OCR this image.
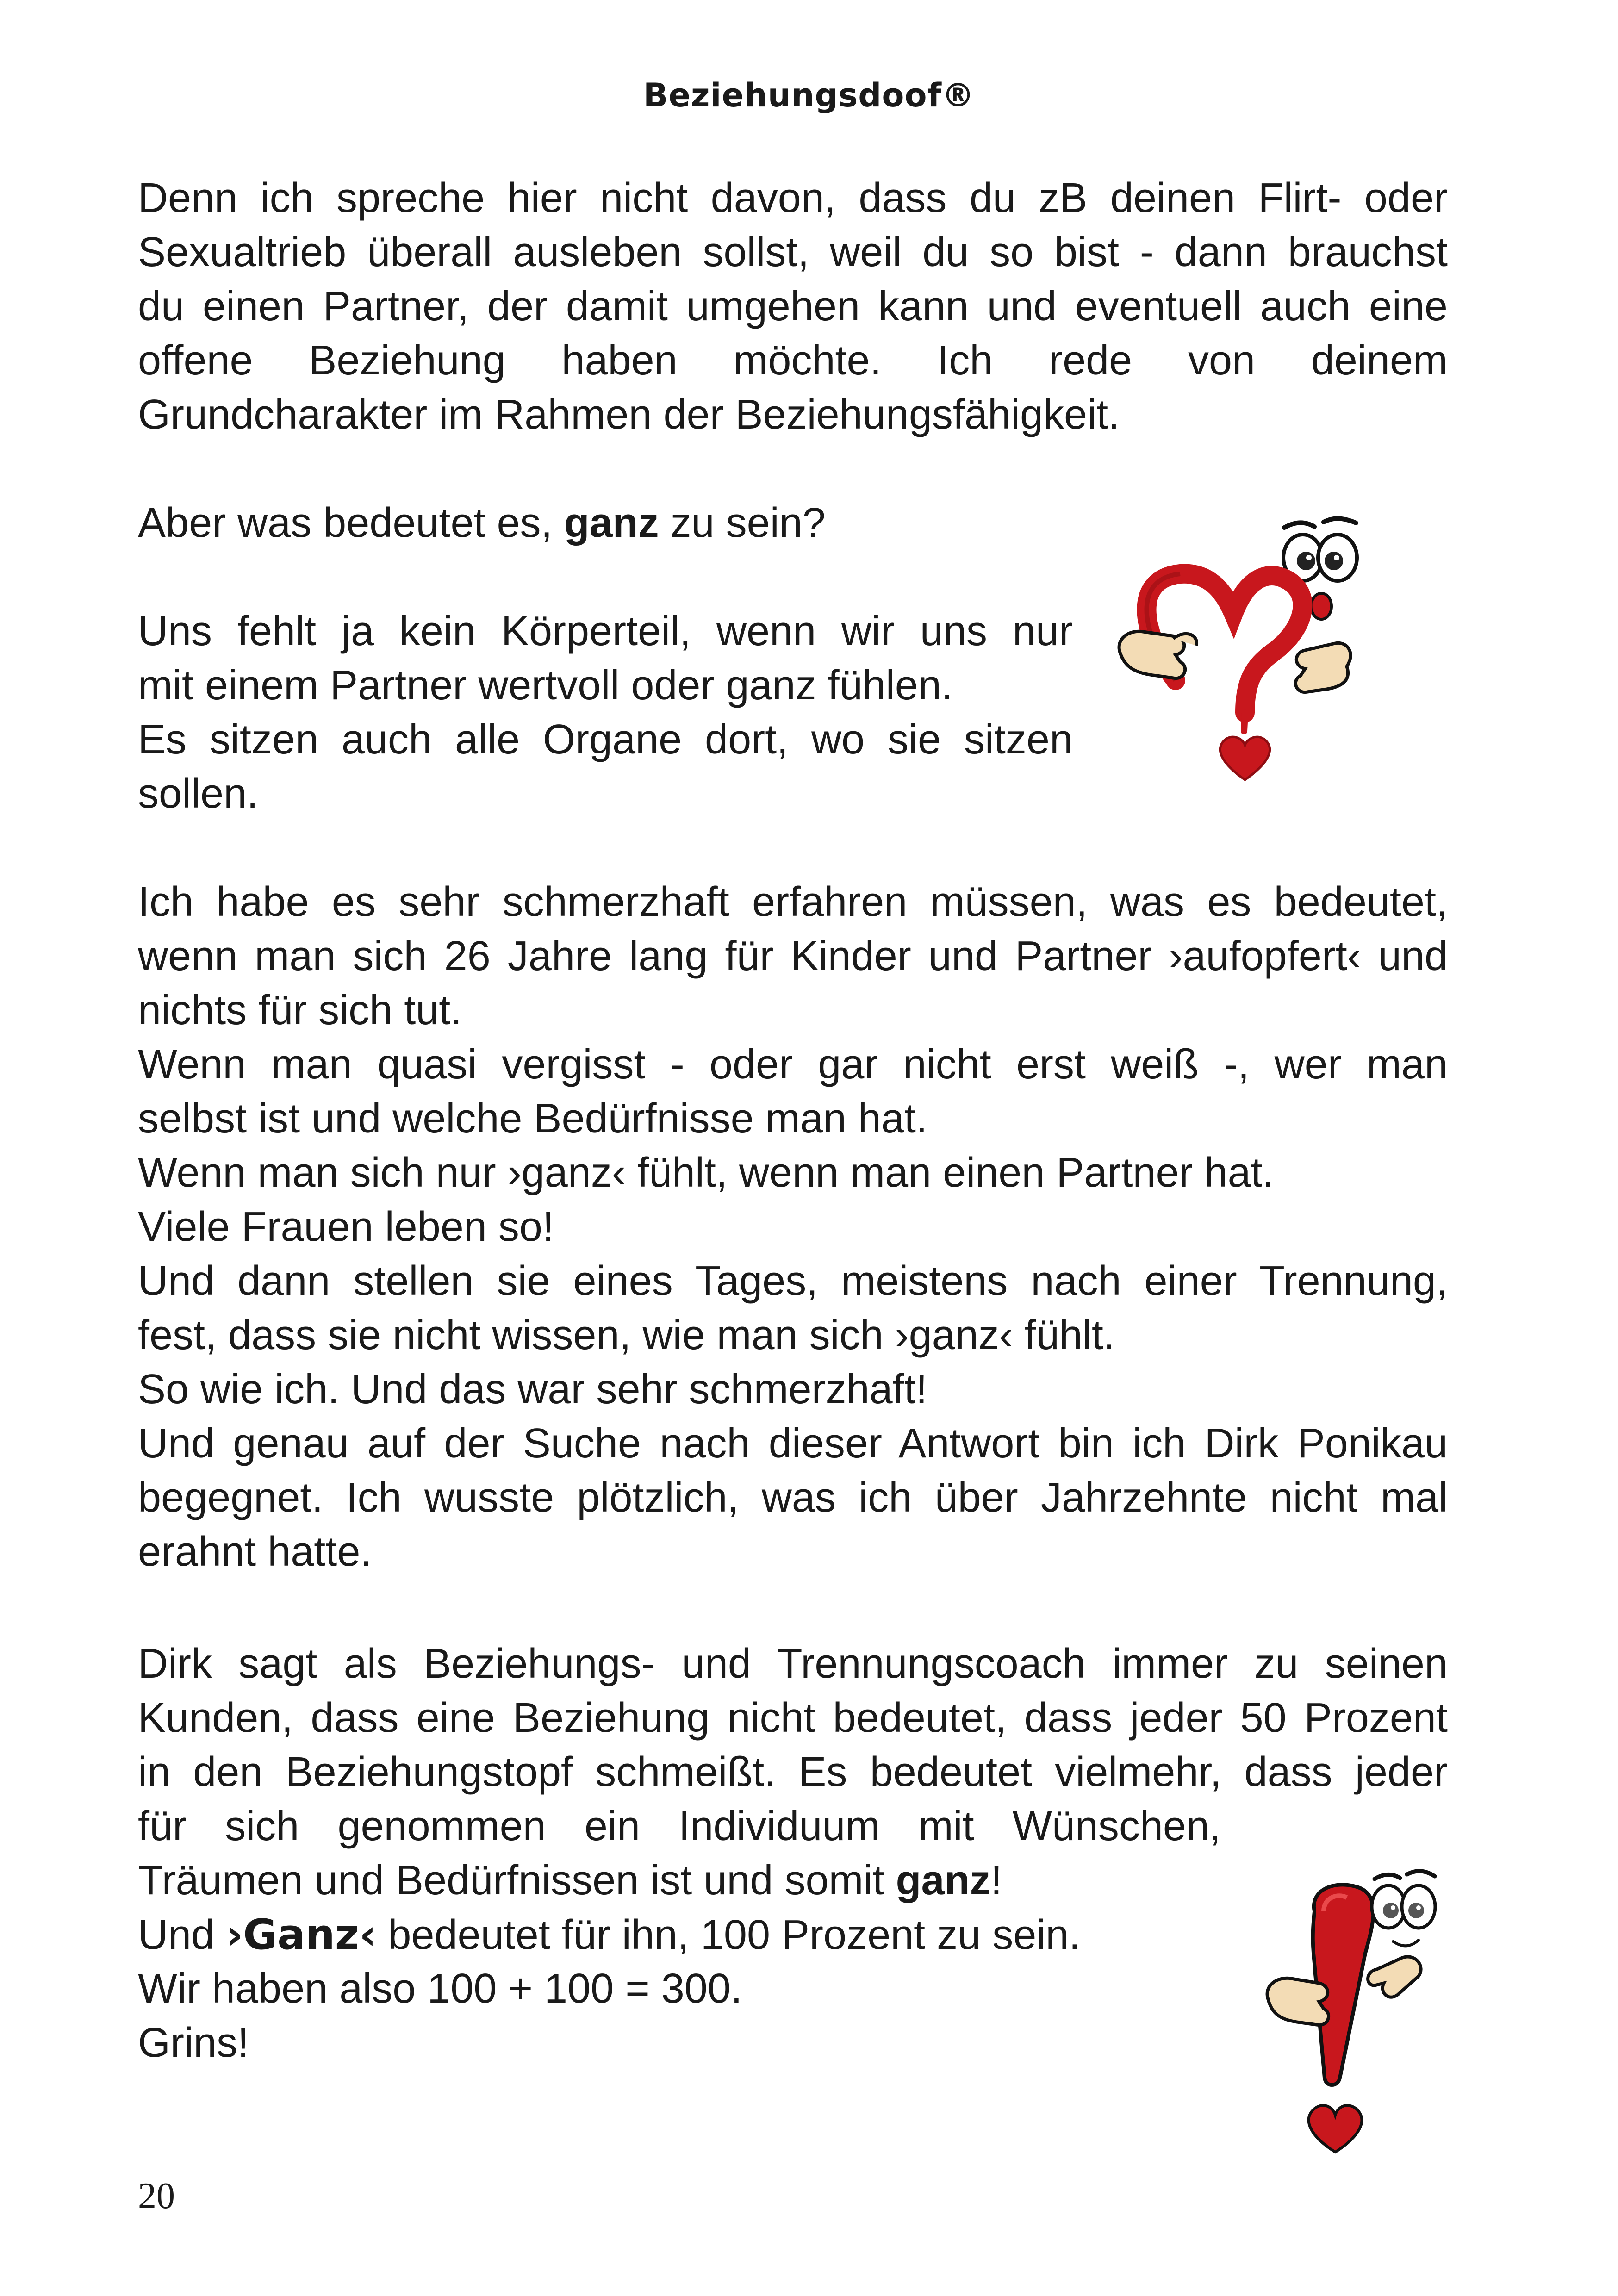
Beziehungsdoof®
Denn ich spreche hier nicht davon, dass du zB deinen Flirt- oder
Sexualtrieb überall ausleben sollst, weil du so bist - dann brauchst
du einen Partner, der damit umgehen kann und eventuell auch eine
offene Beziehung haben möchte. Ich rede von deinem
Grundcharakter im Rahmen der Beziehungsfähigkeit.
Aber was bedeutet es, ganz zu sein?
Uns fehlt ja kein Körperteil, wenn wir uns nur
mit einem Partner wertvoll oder ganz fühlen.
Es sitzen auch alle Organe dort, wo sie sitzen
sollen.
Ich habe es sehr schmerzhaft erfahren müssen, was es bedeutet,
wenn man sich 26 Jahre lang für Kinder und Partner ›aufopfert‹ und
nichts für sich tut.
Wenn man quasi vergisst - oder gar nicht erst weiß -, wer man
selbst ist und welche Bedürfnisse man hat.
Wenn man sich nur ›ganz‹ fühlt, wenn man einen Partner hat.
Viele Frauen leben so!
Und dann stellen sie eines Tages, meistens nach einer Trennung,
fest, dass sie nicht wissen, wie man sich ›ganz‹ fühlt.
So wie ich. Und das war sehr schmerzhaft!
Und genau auf der Suche nach dieser Antwort bin ich Dirk Ponikau
begegnet. Ich wusste plötzlich, was ich über Jahrzehnte nicht mal
erahnt hatte.
Dirk sagt als Beziehungs- und Trennungscoach immer zu seinen
Kunden, dass eine Beziehung nicht bedeutet, dass jeder 50 Prozent
in den Beziehungstopf schmeißt. Es bedeutet vielmehr, dass jeder
für sich genommen ein Individuum mit Wünschen,
Träumen und Bedürfnissen ist und somit ganz!
Und ›Ganz‹ bedeutet für ihn, 100 Prozent zu sein.
Wir haben also 100 + 100 = 300.
Grins!
20
